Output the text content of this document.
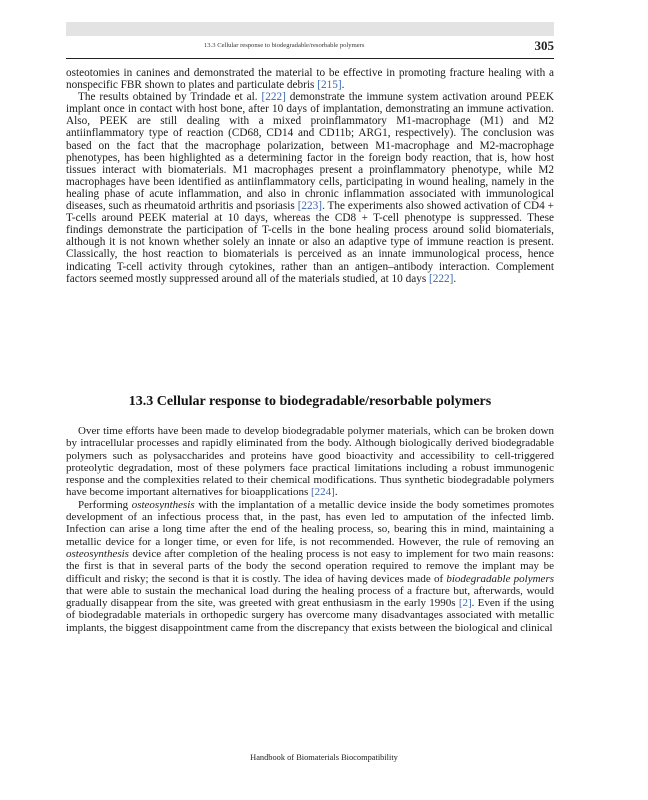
13.3 Cellular response to biodegradable/resorbable polymers	305

osteotomies in canines and demonstrated the material to be effective in promoting fracture healing with a nonspecific FBR shown to plates and particulate debris [215].

The results obtained by Trindade et al. [222] demonstrate the immune system activation around PEEK implant once in contact with host bone, after 10 days of implantation, demonstrating an immune activation. Also, PEEK are still dealing with a mixed proinflammatory M1-macrophage (M1) and M2 antiinflammatory type of reaction (CD68, CD14 and CD11b; ARG1, respectively). The conclusion was based on the fact that the macrophage polarization, between M1-macrophage and M2-macrophage phenotypes, has been highlighted as a determining factor in the foreign body reaction, that is, how host tissues interact with biomaterials. M1 macrophages present a proinflammatory phenotype, while M2 macrophages have been identified as antiinflammatory cells, participating in wound healing, namely in the healing phase of acute inflammation, and also in chronic inflammation associated with immunological diseases, such as rheumatoid arthritis and psoriasis [223]. The experiments also showed activation of CD4 + T-cells around PEEK material at 10 days, whereas the CD8 + T-cell phenotype is suppressed. These findings demonstrate the participation of T-cells in the bone healing process around solid biomaterials, although it is not known whether solely an innate or also an adaptive type of immune reaction is present. Classically, the host reaction to biomaterials is perceived as an innate immunological process, hence indicating T-cell activity through cytokines, rather than an antigen–antibody interaction. Complement factors seemed mostly suppressed around all of the materials studied, at 10 days [222].

13.3 Cellular response to biodegradable/resorbable polymers

Over time efforts have been made to develop biodegradable polymer materials, which can be broken down by intracellular processes and rapidly eliminated from the body. Although biologically derived biodegradable polymers such as polysaccharides and proteins have good bioactivity and accessibility to cell-triggered proteolytic degradation, most of these polymers face practical limitations including a robust immunogenic response and the complexities related to their chemical modifications. Thus synthetic biodegradable polymers have become important alternatives for bioapplications [224].

Performing osteosynthesis with the implantation of a metallic device inside the body sometimes promotes development of an infectious process that, in the past, has even led to amputation of the infected limb. Infection can arise a long time after the end of the healing process, so, bearing this in mind, maintaining a metallic device for a longer time, or even for life, is not recommended. However, the rule of removing an osteosynthesis device after completion of the healing process is not easy to implement for two main reasons: the first is that in several parts of the body the second operation required to remove the implant may be difficult and risky; the second is that it is costly. The idea of having devices made of biodegradable polymers that were able to sustain the mechanical load during the healing process of a fracture but, afterwards, would gradually disappear from the site, was greeted with great enthusiasm in the early 1990s [2]. Even if the using of biodegradable materials in orthopedic surgery has overcome many disadvantages associated with metallic implants, the biggest disappointment came from the discrepancy that exists between the biological and clinical

Handbook of Biomaterials Biocompatibility
